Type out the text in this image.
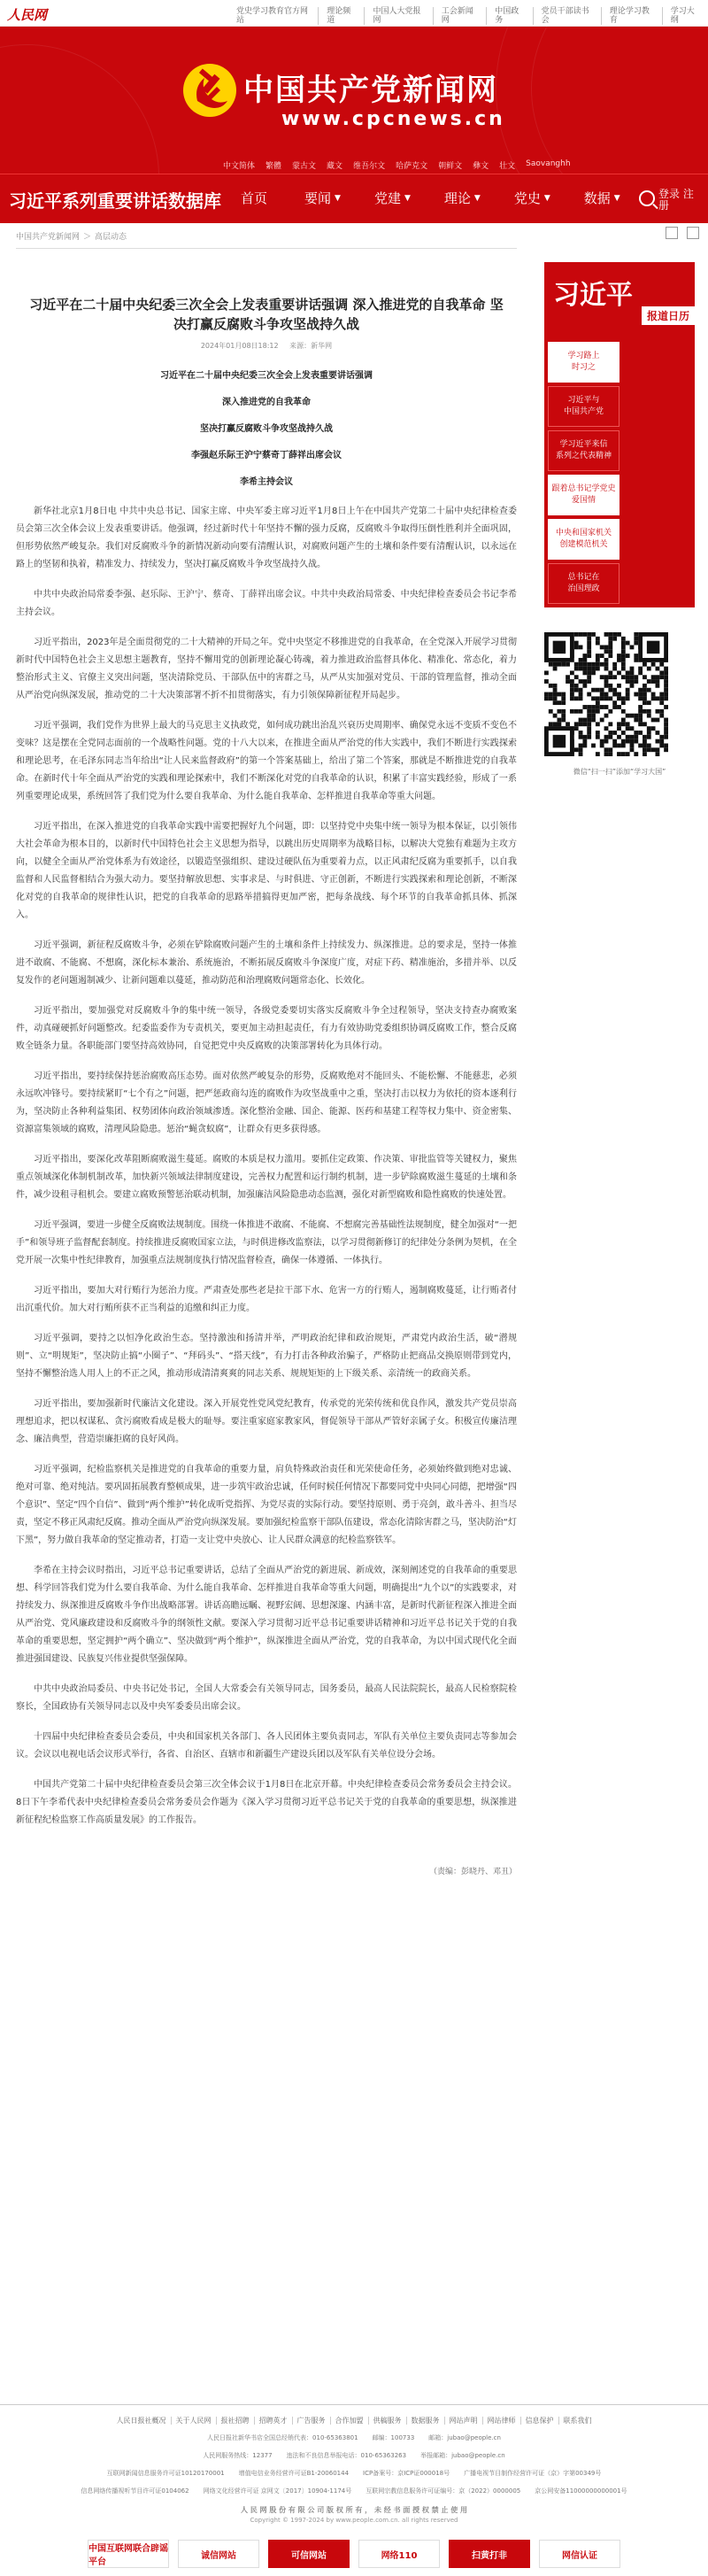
人民网	党史学习教育官方网站
理论频道
中国人大党报网
工会新闻网
中国政务
党员干部读书会
理论学习教育
学习大纲
中国共产党新闻网
www.cpcnews.cn
中文简体 繁體 蒙古文 藏文 维吾尔文 哈萨克文 朝鲜文 彝文 壮文 Saovanghh
习近平系列重要讲话数据库 首页	要闻 ▼	党建 ▼	理论 ▼	党史 ▼	数据 ▼	登录 注册
中国共产党新闻网 ＞ 高层动态
习近平在二十届中央纪委三次全会上发表重要讲话强调 深入推进党的自我革命 坚决打赢反腐败斗争攻坚战持久战
2024年01月08日18:12 来源：新华网

习近平在二十届中央纪委三次全会上发表重要讲话强调

深入推进党的自我革命

坚决打赢反腐败斗争攻坚战持久战

李强赵乐际王沪宁蔡奇丁薛祥出席会议

李希主持会议

新华社北京1月8日电 中共中央总书记、国家主席、中央军委主席习近平1月8日上午在中国共产党第二十届中央纪律检查委员会第三次全体会议上发表重要讲话。他强调，经过新时代十年坚持不懈的强力反腐，反腐败斗争取得压倒性胜利并全面巩固，但形势依然严峻复杂。我们对反腐败斗争的新情况新动向要有清醒认识，对腐败问题产生的土壤和条件要有清醒认识，以永远在路上的坚韧和执着，精准发力、持续发力，坚决打赢反腐败斗争攻坚战持久战。

中共中央政治局常委李强、赵乐际、王沪宁、蔡奇、丁薛祥出席会议。中共中央政治局常委、中央纪律检查委员会书记李希主持会议。

习近平指出，2023年是全面贯彻党的二十大精神的开局之年。党中央坚定不移推进党的自我革命，在全党深入开展学习贯彻新时代中国特色社会主义思想主题教育，坚持不懈用党的创新理论凝心铸魂，着力推进政治监督具体化、精准化、常态化，着力整治形式主义、官僚主义突出问题，坚决清除党员、干部队伍中的害群之马，从严从实加强对党员、干部的管理监督，推动全面从严治党向纵深发展，推动党的二十大决策部署不折不扣贯彻落实，有力引领保障新征程开局起步。

习近平强调，我们党作为世界上最大的马克思主义执政党，如何成功跳出治乱兴衰历史周期率、确保党永远不变质不变色不变味？这是摆在全党同志面前的一个战略性问题。党的十八大以来，在推进全面从严治党的伟大实践中，我们不断进行实践探索和理论思考，在毛泽东同志当年给出“让人民来监督政府”的第一个答案基础上，给出了第二个答案，那就是不断推进党的自我革命。在新时代十年全面从严治党的实践和理论探索中，我们不断深化对党的自我革命的认识，积累了丰富实践经验，形成了一系列重要理论成果，系统回答了我们党为什么要自我革命、为什么能自我革命、怎样推进自我革命等重大问题。

习近平指出，在深入推进党的自我革命实践中需要把握好九个问题，即：以坚持党中央集中统一领导为根本保证，以引领伟大社会革命为根本目的，以新时代中国特色社会主义思想为指导，以跳出历史周期率为战略目标，以解决大党独有难题为主攻方向，以健全全面从严治党体系为有效途径，以锻造坚强组织、建设过硬队伍为重要着力点，以正风肃纪反腐为重要抓手，以自我监督和人民监督相结合为强大动力。要坚持解放思想、实事求是、与时俱进、守正创新，不断进行实践探索和理论创新，不断深化对党的自我革命的规律性认识，把党的自我革命的思路举措搞得更加严密，把每条战线、每个环节的自我革命抓具体、抓深入。

习近平强调，新征程反腐败斗争，必须在铲除腐败问题产生的土壤和条件上持续发力、纵深推进。总的要求是，坚持一体推进不敢腐、不能腐、不想腐，深化标本兼治、系统施治，不断拓展反腐败斗争深度广度，对症下药、精准施治，多措并举、以反复发作的老问题遏制减少、让新问题难以蔓延，推动防范和治理腐败问题常态化、长效化。

习近平指出，要加强党对反腐败斗争的集中统一领导，各级党委要切实落实反腐败斗争全过程领导，坚决支持查办腐败案件，动真碰硬抓好问题整改。纪委监委作为专责机关，要更加主动担起责任，有力有效协助党委组织协调反腐败工作，整合反腐败全链条力量。各职能部门要坚持高效协同，自觉把党中央反腐败的决策部署转化为具体行动。

习近平指出，要持续保持惩治腐败高压态势。面对依然严峻复杂的形势，反腐败绝对不能回头、不能松懈、不能慈悲，必须永远吹冲锋号。要持续紧盯“七个有之”问题，把严惩政商勾连的腐败作为攻坚战重中之重，坚决打击以权力为依托的资本逐利行为，坚决防止各种利益集团、权势团体向政治领域渗透。深化整治金融、国企、能源、医药和基建工程等权力集中、资金密集、资源富集领域的腐败，清理风险隐患。惩治“蝇贪蚁腐”，让群众有更多获得感。

习近平指出，要深化改革阻断腐败滋生蔓延。腐败的本质是权力滥用。要抓住定政策、作决策、审批监管等关键权力，聚焦重点领域深化体制机制改革，加快新兴领域法律制度建设，完善权力配置和运行制约机制，进一步铲除腐败滋生蔓延的土壤和条件，减少设租寻租机会。要建立腐败预警惩治联动机制，加强廉洁风险隐患动态监测，强化对新型腐败和隐性腐败的快速处置。

习近平强调，要进一步健全反腐败法规制度。围绕一体推进不敢腐、不能腐、不想腐完善基础性法规制度，健全加强对“一把手”和领导班子监督配套制度。持续推进反腐败国家立法，与时俱进修改监察法，以学习贯彻新修订的纪律处分条例为契机，在全党开展一次集中性纪律教育，加强重点法规制度执行情况监督检查，确保一体遵循、一体执行。

习近平指出，要加大对行贿行为惩治力度。严肃查处那些老是拉干部下水、危害一方的行贿人，遏制腐败蔓延，让行贿者付出沉重代价。加大对行贿所获不正当利益的追缴和纠正力度。

习近平强调，要持之以恒净化政治生态。坚持激浊和扬清并举，严明政治纪律和政治规矩，严肃党内政治生活，破“潜规则”、立“明规矩”，坚决防止搞“小圈子”、“拜码头”、“搭天线”，有力打击各种政治骗子，严格防止把商品交换原则带到党内，坚持不懈整治选人用人上的不正之风，推动形成清清爽爽的同志关系、规规矩矩的上下级关系、亲清统一的政商关系。

习近平指出，要加强新时代廉洁文化建设。深入开展党性党风党纪教育，传承党的光荣传统和优良作风，激发共产党员崇高理想追求，把以权谋私、贪污腐败看成是极大的耻辱。要注重家庭家教家风，督促领导干部从严管好亲属子女。积极宣传廉洁理念、廉洁典型，营造崇廉拒腐的良好风尚。

习近平强调，纪检监察机关是推进党的自我革命的重要力量，肩负特殊政治责任和光荣使命任务，必须始终做到绝对忠诚、绝对可靠、绝对纯洁。要巩固拓展教育整顿成果，进一步筑牢政治忠诚，任何时候任何情况下都要同党中央同心同德，把增强“四个意识”、坚定“四个自信”、做到“两个维护”转化成听党指挥、为党尽责的实际行动。要坚持原则、勇于亮剑，敢斗善斗、担当尽责，坚定不移正风肃纪反腐。推动全面从严治党向纵深发展。要加强纪检监察干部队伍建设，常态化清除害群之马，坚决防治“灯下黑”，努力做自我革命的坚定推动者，打造一支让党中央放心、让人民群众满意的纪检监察铁军。

李希在主持会议时指出，习近平总书记重要讲话，总结了全面从严治党的新进展、新成效，深刻阐述党的自我革命的重要思想、科学回答我们党为什么要自我革命、为什么能自我革命、怎样推进自我革命等重大问题，明确提出“九个以”的实践要求，对持续发力、纵深推进反腐败斗争作出战略部署。讲话高瞻远瞩、视野宏阔、思想深邃、内涵丰富，是新时代新征程深入推进全面从严治党、党风廉政建设和反腐败斗争的纲领性文献。要深入学习贯彻习近平总书记重要讲话精神和习近平总书记关于党的自我革命的重要思想，坚定拥护“两个确立”、坚决做到“两个维护”，纵深推进全面从严治党，党的自我革命，为以中国式现代化全面推进强国建设、民族复兴伟业提供坚强保障。

中共中央政治局委员、中央书记处书记，全国人大常委会有关领导同志，国务委员，最高人民法院院长，最高人民检察院检察长，全国政协有关领导同志以及中央军委委员出席会议。

十四届中央纪律检查委员会委员，中央和国家机关各部门、各人民团体主要负责同志，军队有关单位主要负责同志等参加会议。会议以电视电话会议形式举行，各省、自治区、直辖市和新疆生产建设兵团以及军队有关单位设分会场。

中国共产党第二十届中央纪律检查委员会第三次全体会议于1月8日在北京开幕。中央纪律检查委员会常务委员会主持会议。8日下午李希代表中央纪律检查委员会常务委员会作题为《深入学习贯彻习近平总书记关于党的自我革命的重要思想，纵深推进新征程纪检监察工作高质量发展》的工作报告。

（责编：彭晓丹、邓丑）
习近平
报道日历
学习路上
时习之
习近平与
中国共产党
学习近平来信
系列之代表精神
跟着总书记学党史
爱国情
中央和国家机关
创建模范机关
总书记在
治国理政
微信“扫一扫”添加“学习大国”
人民日报社概况 关于人民网 报社招聘 招聘英才 广告服务 合作加盟 供稿服务 数据服务 网站声明 网站律师 信息保护 联系我们
人民日报社新华书店全国总经销代表：010-65363801 邮编：100733 邮箱：jubao@people.cn
人民网服务热线：12377 违法和不良信息举报电话：010-65363263 举报邮箱：jubao@people.cn
互联网新闻信息服务许可证10120170001 增值电信业务经营许可证B1-20060144 ICP备案号：京ICP证000018号 广播电视节目制作经营许可证（京）字第00349号
信息网络传播视听节目许可证0104062 网络文化经营许可证 京网文〔2017〕10904-1174号 互联网宗教信息服务许可证编号：京（2022）0000005 京公网安备11000000000001号
人 民 网 股 份 有 限 公 司 版 权 所 有 ， 未 经 书 面 授 权 禁 止 使 用
Copyright © 1997-2024 by www.people.com.cn. all rights reserved
中国互联网联合辟谣平台
诚信网站	可信网站	网络110	扫黄打非	网信认证
